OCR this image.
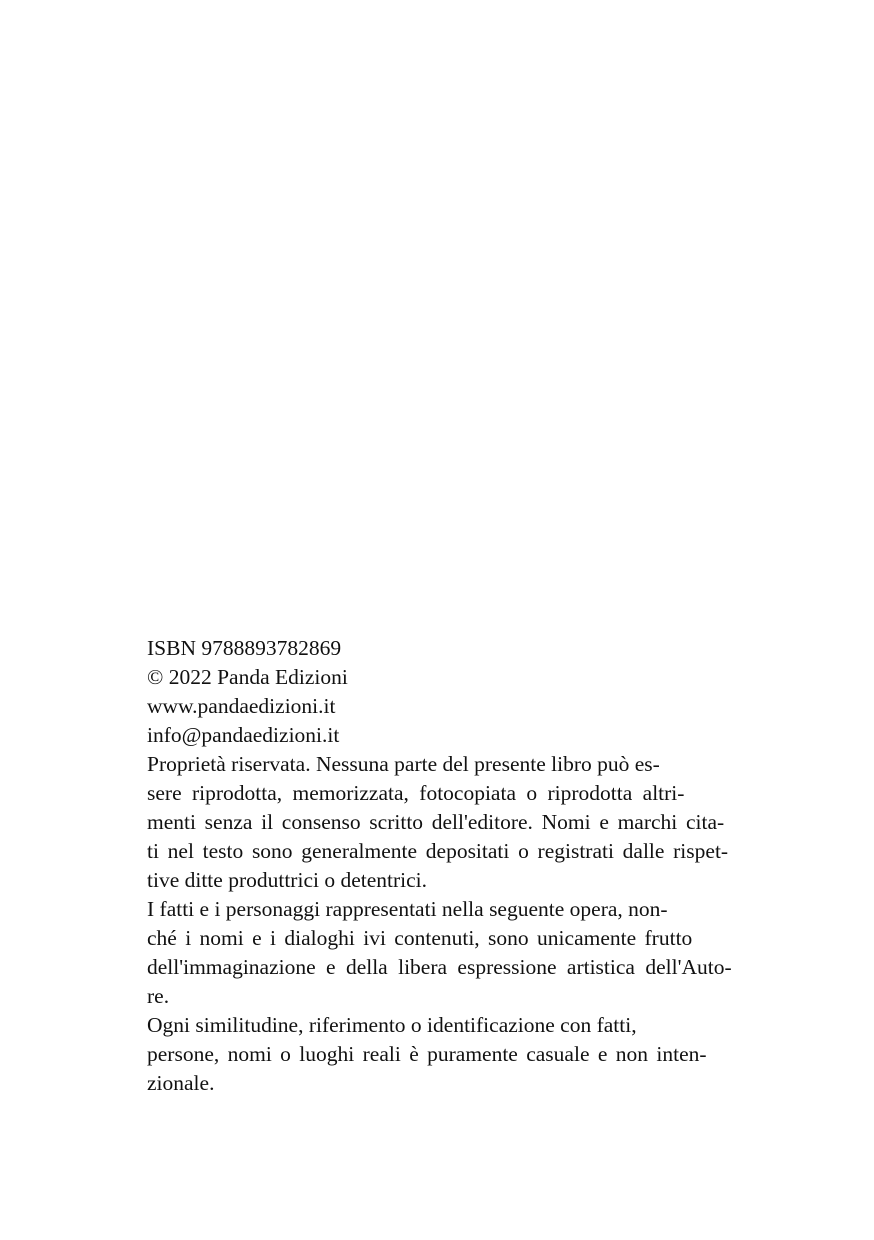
ISBN 9788893782869
© 2022 Panda Edizioni
www.pandaedizioni.it
info@pandaedizioni.it
Proprietà riservata. Nessuna parte del presente libro può es-
sere riprodotta, memorizzata, fotocopiata o riprodotta altri-
menti senza il consenso scritto dell'editore. Nomi e marchi cita-
ti nel testo sono generalmente depositati o registrati dalle rispet-
tive ditte produttrici o detentrici.
I fatti e i personaggi rappresentati nella seguente opera, non-
ché i nomi e i dialoghi ivi contenuti, sono unicamente frutto
dell'immaginazione e della libera espressione artistica dell'Auto-
re.
Ogni similitudine, riferimento o identificazione con fatti,
persone, nomi o luoghi reali è puramente casuale e non inten-
zionale.
